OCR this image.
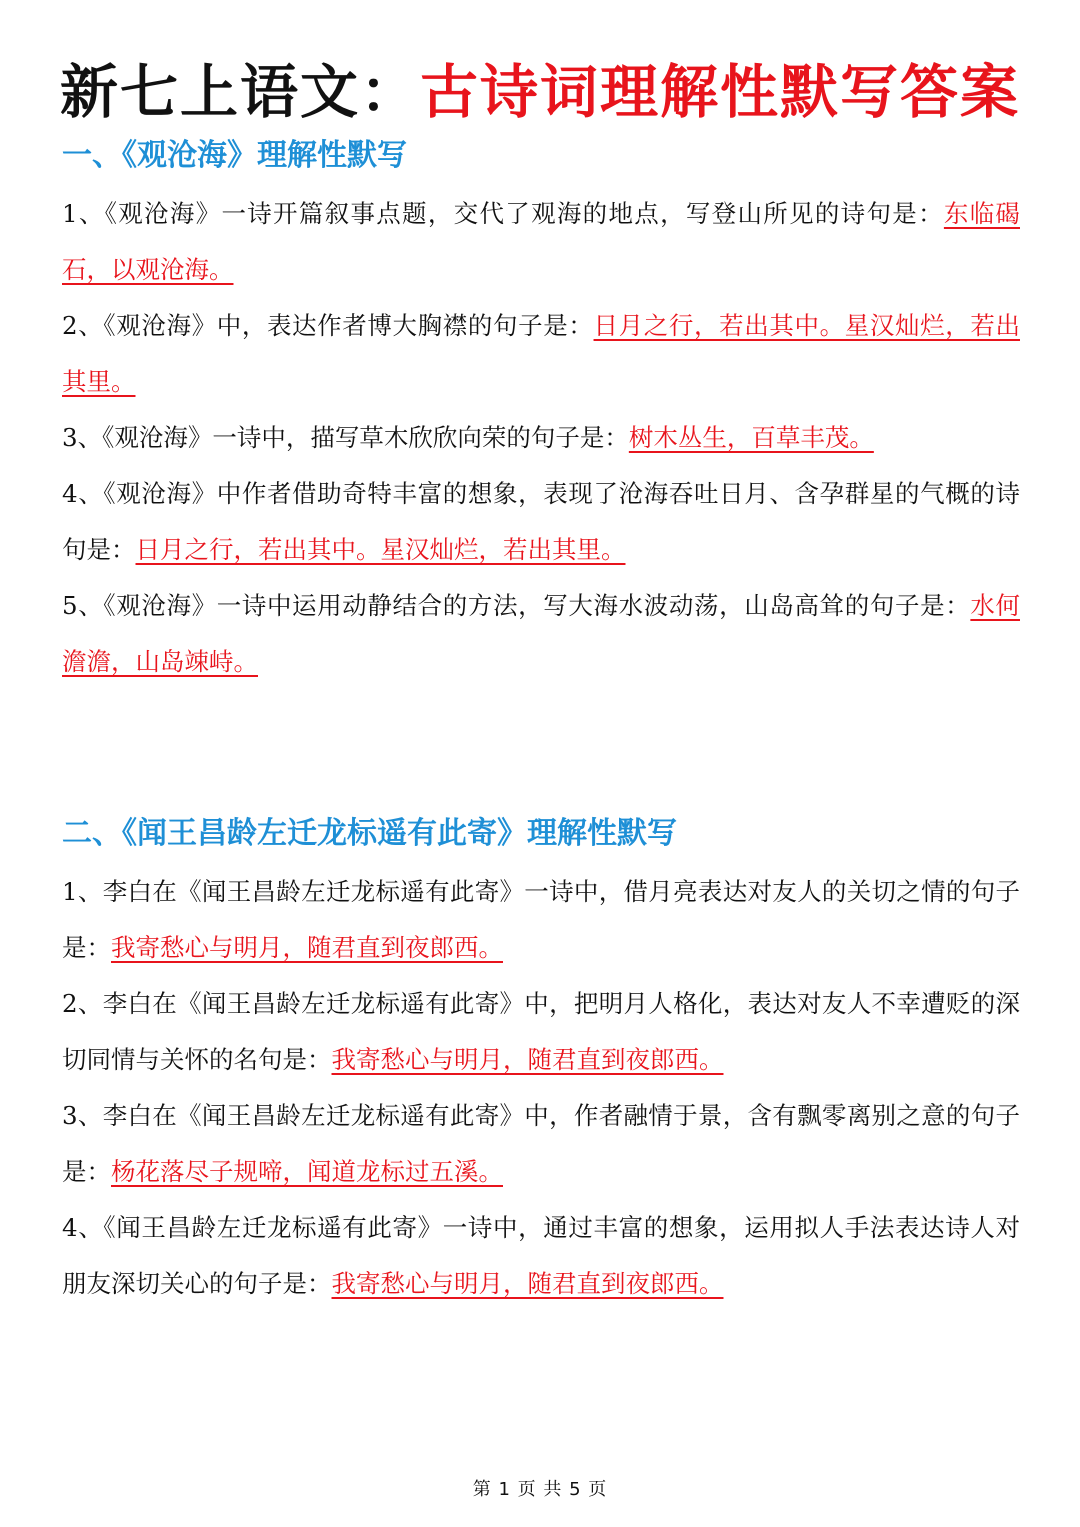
新七上语文：古诗词理解性默写答案
一、《观沧海》理解性默写
1、《观沧海》一诗开篇叙事点题，交代了观海的地点，写登山所见的诗句是：东临碣石，以观沧海。
2、《观沧海》中，表达作者博大胸襟的句子是：日月之行，若出其中。星汉灿烂，若出其里。
3、《观沧海》一诗中，描写草木欣欣向荣的句子是：树木丛生，百草丰茂。
4、《观沧海》中作者借助奇特丰富的想象，表现了沧海吞吐日月、含孕群星的气概的诗句是：日月之行，若出其中。星汉灿烂，若出其里。
5、《观沧海》一诗中运用动静结合的方法，写大海水波动荡，山岛高耸的句子是：水何澹澹，山岛竦峙。
二、《闻王昌龄左迁龙标遥有此寄》理解性默写
1、李白在《闻王昌龄左迁龙标遥有此寄》一诗中，借月亮表达对友人的关切之情的句子是：我寄愁心与明月，随君直到夜郎西。
2、李白在《闻王昌龄左迁龙标遥有此寄》中，把明月人格化，表达对友人不幸遭贬的深切同情与关怀的名句是：我寄愁心与明月，随君直到夜郎西。
3、李白在《闻王昌龄左迁龙标遥有此寄》中，作者融情于景，含有飘零离别之意的句子是：杨花落尽子规啼，闻道龙标过五溪。
4、《闻王昌龄左迁龙标遥有此寄》一诗中，通过丰富的想象，运用拟人手法表达诗人对朋友深切关心的句子是：我寄愁心与明月，随君直到夜郎西。
第 1 页 共 5 页
